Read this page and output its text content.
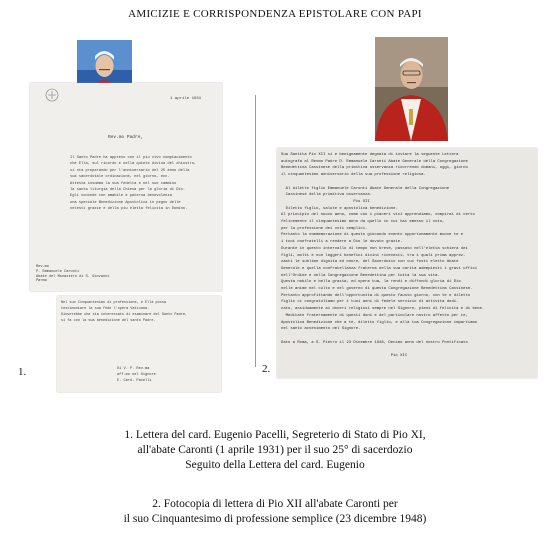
AMICIZIE E CORRISPONDENZA EPISTOLARE CON PAPI
1 aprile 1931
Rev.mo Padre,
Il Santo Padre ha appreso con il piu vivo compiacimento
che Ella, sul ricordo e nella quiete divina del chiostro,
si sta preparando per l'anniversario del 25 anno della
sua sacerdotale ordinazione, nel giorno, ecc.
Attesta insomma la sua fedelta e nel suo cammino
la santa liturgia della Chiesa per la gloria di Dio.
Egli concede con amabile e paterna benevolenza
una speciale Benedizione Apostolica in pegno delle
celesti grazie e della piu eletta felicita in Domino.
Rev.mo
P. Emmanuele Caronti
Abate del Monastero di S. Giovanni
Parma
Nel suo Cinquantesimo di professione, e Ella possa
testimoniare la sua fede l'opera Vaticana.
Gioverebbe che sia interessato di esaminare del Santo Padre,
si fa con la sua benedizione del santo Padre.
Di V. P. Rev.ma
aff.mo nel Signore
E. Card. Pacelli
1.
Sua Santita Pio XII si e benignamente degnata di inviare la seguente Lettera
autografa al Revmo Padre D. Emmanuele Caronti Abate Generale della Congregazione
Benedettina Cassinese della primitiva osservanza ricorrendo domani, oggi, giorno
il cinquantesimo anniversario della sua professione religiosa.

Al diletto figlio Emmanuele Caronti Abate Generale della Congregazione
Cassinese della primitiva osservanza.
Pio XII
Diletto figlio, salute e apostolica benedizione.
Al principio del nuovo anno, come con i piaceri vivi apprendiamo, compirai di certo
felicemente il cinquantesimo anno da quello in cui hai emesso il voto,
per la professione dei voti semplici.
Pertanto la commemorazione di questo giocondo evento opportunamente muove te e
i tuoi confratelli a rendere a Dio le dovute grazie.
Durante in questo intervallo di tempo non breve, passato nell'eletta schiera dei
figli, molti e non leggeri benefici divini ricevesti, tra i quali prima apprez-
zasti le sublime dignita ed onore, del Sacerdozio con cui fosti eletto Abate
Generale e quella confratellanza fraterna nella sua carita adempiesti i gravi uffici
nell'Ordine e nella Congregazione Benedettina per tutta la sua vita.
Questa nobile e bella grazia, ed opera tua, la rendi e diffondi gloria di Dio
nelle anime nel culto e nel governo di questa Congregazione Benedettina Cassinese.
Pertanto approfittando dell'opportunita di questo fausto giorno, con te e diletto
figlio ci congratuliamo per i tuoi anni di fedele servizio di attivita dedi-
cato, assiduamente ai doveri religiosi sempre nel Signore, pieni di felicita e di bene.
Meditate fraternamente di questi doni e del particolare nostro affetto per te,
Apostolica Benedizione che a te, diletto figlio, e alla tua Congregazione impartiamo
nel santo avvenimento del Signore.

Dato a Roma, a S. Pietro il 23 Dicembre 1948, Decimo anno del nostro Pontificato

Pio XII
2.
1. Lettera del card. Eugenio Pacelli, Segreterio di Stato di Pio XI,
all'abate Caronti (1 aprile 1931) per il suo 25° di sacerdozio
Seguito della Lettera del card. Eugenio
2. Fotocopia di lettera di Pio XII all'abate Caronti per
il suo Cinquantesimo di professione semplice (23 dicembre 1948)
